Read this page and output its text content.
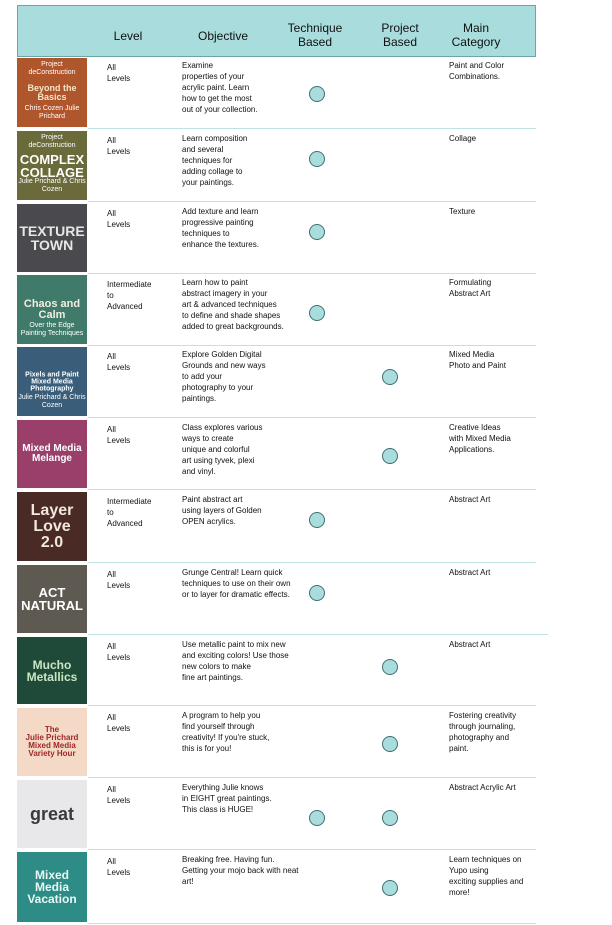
Level	Objective
Technique
Based
Project
Based
Main
Category
Project deConstruction
Beyond the Basics
Chris Cozen Julie Prichard
All
Levels
Examine
properties of your
acrylic paint. Learn
how to get the most
out of your collection.
Paint and Color
Combinations.
Project deConstruction
COMPLEX
COLLAGE
Julie Prichard & Chris Cozen
All
Levels
Learn composition
and several
techniques for
adding collage to
your paintings.
Collage
TEXTURE
TOWN
All
Levels
Add texture and learn
progressive painting
techniques to
enhance the textures.
Texture
Chaos and
Calm
Over the Edge Painting Techniques
Intermediate
to
Advanced
Learn how to paint
abstract imagery in your
art & advanced techniques
to define and shade shapes
added to great backgrounds.
Formulating
Abstract Art
Pixels and Paint
Mixed Media Photography
Julie Prichard & Chris Cozen
All
Levels
Explore Golden Digital
Grounds and new ways
to add your
photography to your
paintings.
Mixed Media
Photo and Paint
Mixed Media
Melange
All
Levels
Class explores various
ways to create
unique and colorful
art using tyvek, plexi
and vinyl.
Creative Ideas
with Mixed Media
Applications.
Layer
Love
2.0
Intermediate
to
Advanced
Paint abstract art
using layers of Golden
OPEN acrylics.
Abstract Art
ACT
NATURAL
All
Levels
Grunge Central! Learn quick
techniques to use on their own
or to layer for dramatic effects.
Abstract Art
Mucho
Metallics
All
Levels
Use metallic paint to mix new
and exciting colors! Use those
new colors to make
fine art paintings.
Abstract Art
The
Julie Prichard
Mixed Media
Variety Hour
All
Levels
A program to help you
find yourself through
creativity! If you're stuck,
this is for you!
Fostering creativity
through journaling,
photography and
paint.
great
All
Levels
Everything Julie knows
in EIGHT great paintings.
This class is HUGE!
Abstract Acrylic Art
Mixed
Media
Vacation
All
Levels
Breaking free. Having fun.
Getting your mojo back with neat
art!
Learn techniques on
Yupo using
exciting supplies and
more!
